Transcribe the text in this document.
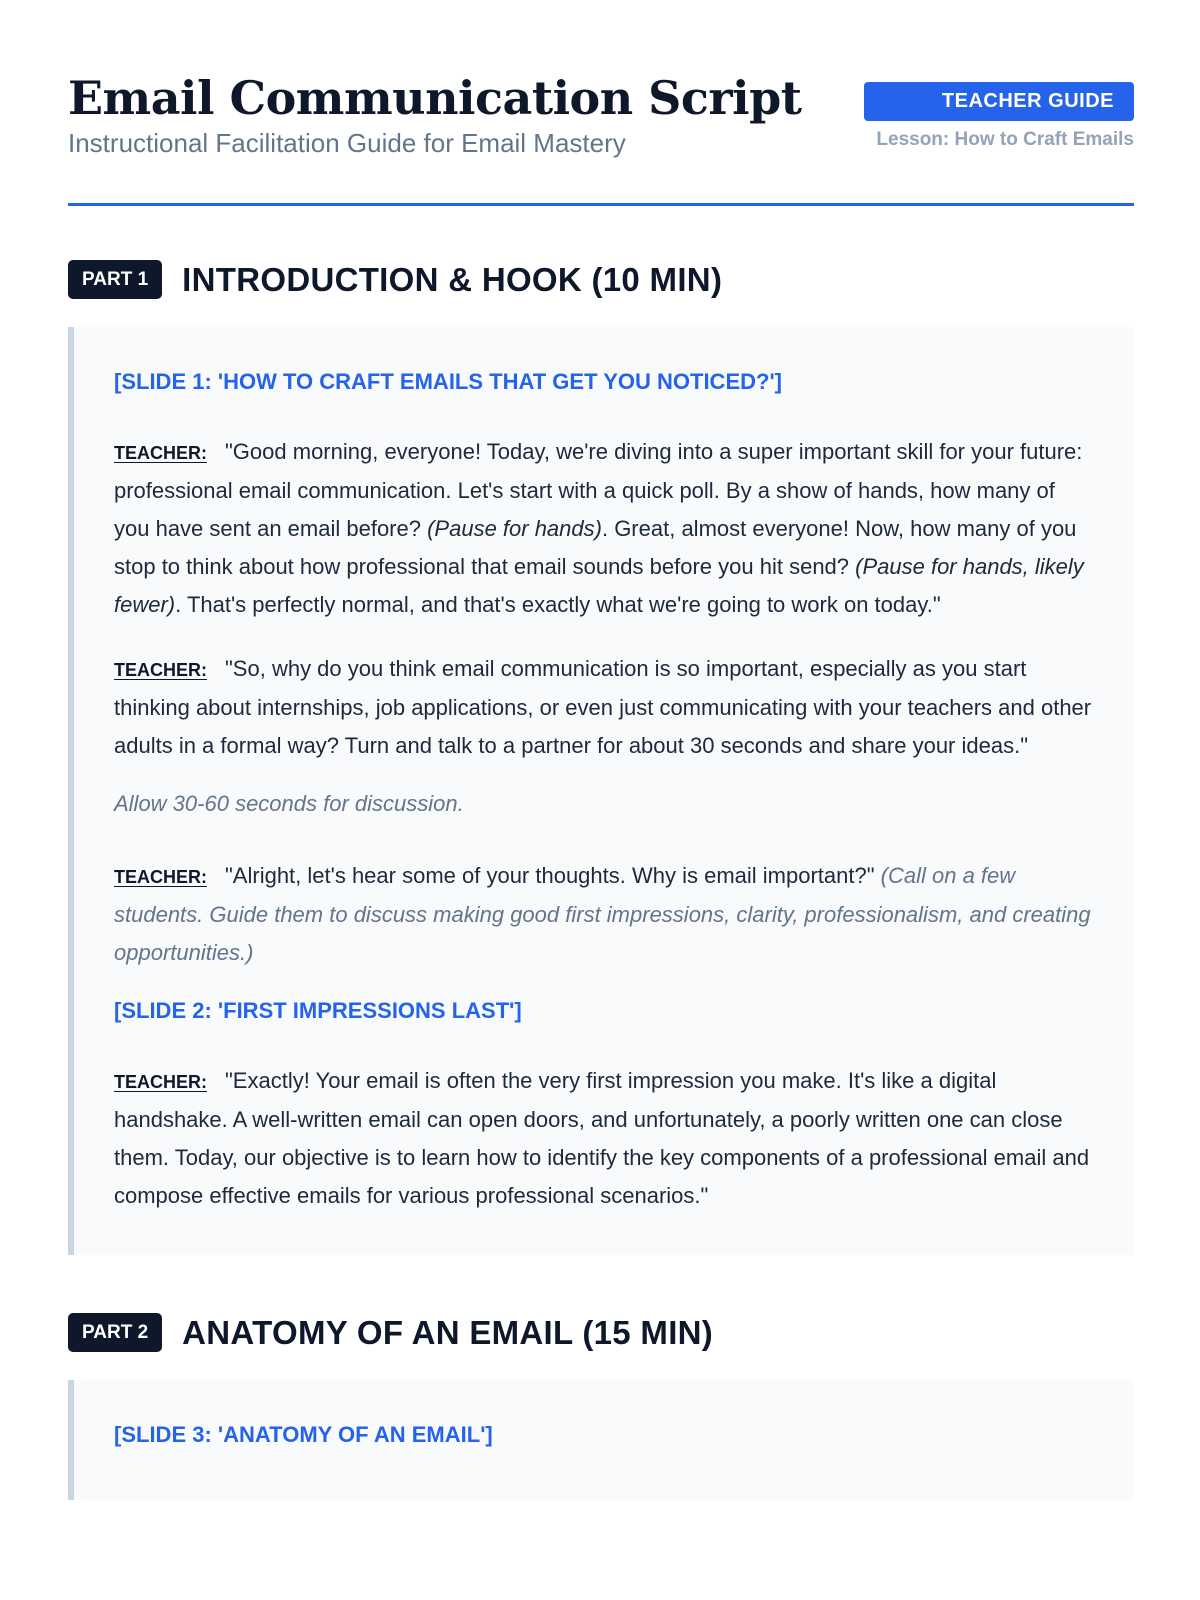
Email Communication Script
Instructional Facilitation Guide for Email Mastery
TEACHER GUIDE
Lesson: How to Craft Emails
PART 1	INTRODUCTION & HOOK (10 MIN)
[SLIDE 1: 'HOW TO CRAFT EMAILS THAT GET YOU NOTICED?']
TEACHER: "Good morning, everyone! Today, we're diving into a super important skill for your future: professional email communication. Let's start with a quick poll. By a show of hands, how many of you have sent an email before? (Pause for hands). Great, almost everyone! Now, how many of you stop to think about how professional that email sounds before you hit send? (Pause for hands, likely fewer). That's perfectly normal, and that's exactly what we're going to work on today."
TEACHER: "So, why do you think email communication is so important, especially as you start thinking about internships, job applications, or even just communicating with your teachers and other adults in a formal way? Turn and talk to a partner for about 30 seconds and share your ideas."
Allow 30-60 seconds for discussion.
TEACHER: "Alright, let's hear some of your thoughts. Why is email important?" (Call on a few students. Guide them to discuss making good first impressions, clarity, professionalism, and creating opportunities.)
[SLIDE 2: 'FIRST IMPRESSIONS LAST']
TEACHER: "Exactly! Your email is often the very first impression you make. It's like a digital handshake. A well-written email can open doors, and unfortunately, a poorly written one can close them. Today, our objective is to learn how to identify the key components of a professional email and compose effective emails for various professional scenarios."
PART 2	ANATOMY OF AN EMAIL (15 MIN)
[SLIDE 3: 'ANATOMY OF AN EMAIL']
